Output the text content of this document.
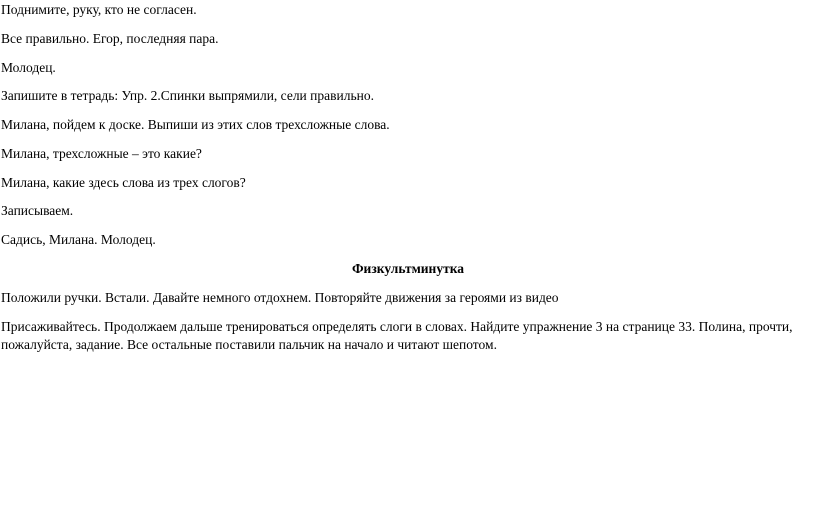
Поднимите, руку, кто не согласен.
Все правильно. Егор, последняя пара.
Молодец.
Запишите в тетрадь: Упр. 2.Спинки выпрямили, сели правильно.
Милана, пойдем к доске. Выпиши из этих слов трехсложные слова.
Милана, трехсложные – это какие?
Милана, какие здесь слова из трех слогов?
Записываем.
Садись, Милана. Молодец.
Физкультминутка
Положили ручки. Встали. Давайте немного отдохнем. Повторяйте движения за героями из видео
Присаживайтесь. Продолжаем дальше тренироваться определять слоги в словах. Найдите упражнение 3 на странице 33. Полина, прочти, пожалуйста, задание. Все остальные поставили пальчик на начало и читают шепотом.
